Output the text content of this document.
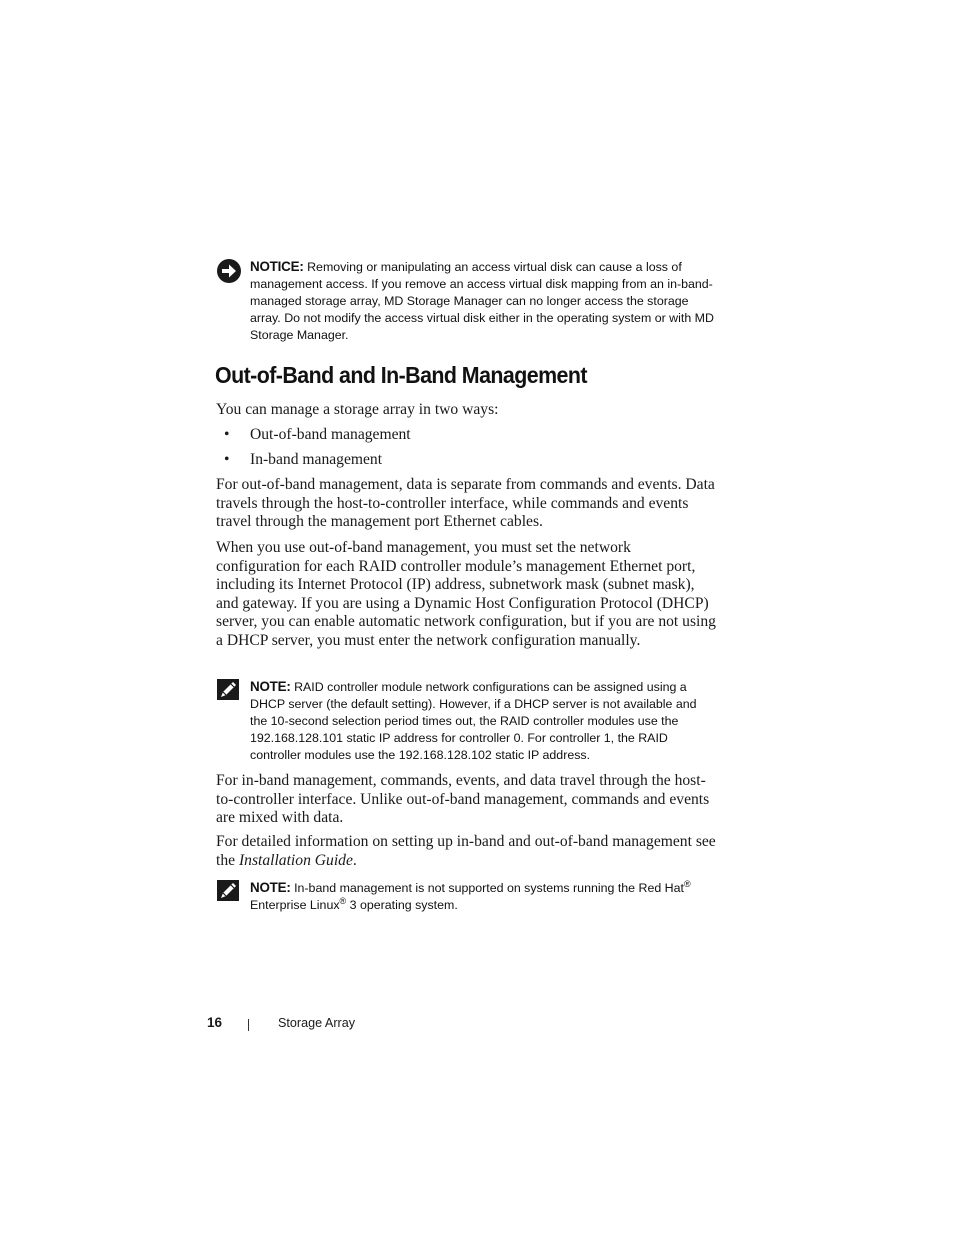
NOTICE: Removing or manipulating an access virtual disk can cause a loss of management access. If you remove an access virtual disk mapping from an in-band-managed storage array, MD Storage Manager can no longer access the storage array. Do not modify the access virtual disk either in the operating system or with MD Storage Manager.
Out-of-Band and In-Band Management

You can manage a storage array in two ways:

• Out-of-band management

• In-band management

For out-of-band management, data is separate from commands and events. Data travels through the host-to-controller interface, while commands and events travel through the management port Ethernet cables.

When you use out-of-band management, you must set the network configuration for each RAID controller module’s management Ethernet port, including its Internet Protocol (IP) address, subnetwork mask (subnet mask), and gateway. If you are using a Dynamic Host Configuration Protocol (DHCP) server, you can enable automatic network configuration, but if you are not using a DHCP server, you must enter the network configuration manually.

NOTE: RAID controller module network configurations can be assigned using a DHCP server (the default setting). However, if a DHCP server is not available and the 10-second selection period times out, the RAID controller modules use the 192.168.128.101 static IP address for controller 0. For controller 1, the RAID controller modules use the 192.168.128.102 static IP address.

For in-band management, commands, events, and data travel through the host-to-controller interface. Unlike out-of-band management, commands and events are mixed with data.

For detailed information on setting up in-band and out-of-band management see the Installation Guide.

NOTE: In-band management is not supported on systems running the Red Hat® Enterprise Linux® 3 operating system.
16	Storage Array
